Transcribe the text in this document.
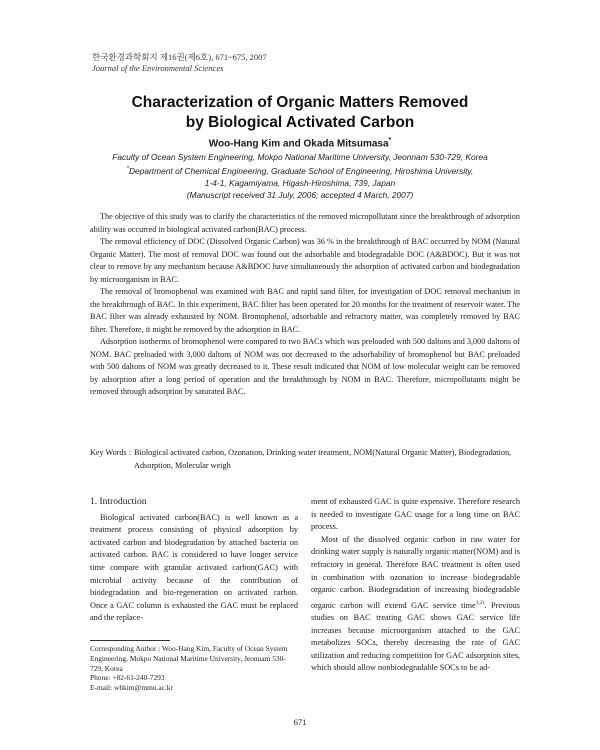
한국환경과학회지 제16권(제6호), 671~675, 2007
Journal of the Environmental Sciences
Characterization of Organic Matters Removed
by Biological Activated Carbon
Woo-Hang Kim and Okada Mitsumasa*
Faculty of Ocean System Engineering, Mokpo National Maritime University, Jeonnam 530-729, Korea
*Department of Chemical Engineering, Graduate School of Engineering, Hiroshima University,
1-4-1, Kagamiyama, Higash-Hiroshima, 739, Japan
(Manuscript received 31 July, 2006; accepted 4 March, 2007)

The objective of this study was to clarify the characteristics of the removed micropollutant since the breakthrough of adsorption ability was occurred in biological activated carbon(BAC) process.

The removal efficiency of DOC (Dissolved Organic Carbon) was 36 % in the breakthrough of BAC occurred by NOM (Natural Organic Matter). The most of removal DOC was found out the adsorbable and biodegradable DOC (A&BDOC). But it was not clear to remove by any mechanism because A&BDOC have simultaneously the adsorption of activated carbon and biodegradation by microorganism in BAC.

The removal of bromophenol was examined with BAC and rapid sand filter, for investigation of DOC removal mechanism in the breakthrough of BAC. In this experiment, BAC filter has been operated for 20 months for the treatment of reservoir water. The BAC filter was already exhausted by NOM. Bromophenol, adsorbable and refractory matter, was completely removed by BAC filter. Therefore, it might be removed by the adsorption in BAC.

Adsorption isotherms of bromophenol were compared to two BACs which was preloaded with 500 daltons and 3,000 daltons of NOM. BAC preloaded with 3,000 daltons of NOM was not decreased to the adsorbability of bromophenol but BAC preloaded with 500 daltons of NOM was greatly decreased to it. These result indicated that NOM of low molecular weight can be removed by adsorption after a long period of operation and the breakthrough by NOM in BAC. Therefore, micropollutants might be removed through adsorption by saturated BAC.

Key Words : Biological activated carbon, Ozonation, Drinking water treatment, NOM(Natural Organic Matter), Biodegradation, Adsorption, Molecular weigh
1. Introduction

Biological activated carbon(BAC) is well known as a treatment process consisting of physical adsorption by activated carbon and biodegradation by attached bacteria on activated carbon. BAC is considered to have longer service time compare with granular activated carbon(GAC) with microbial activity because of the contribution of biodegradation and bio-regeneration on activated carbon. Once a GAC column is exhausted the GAC must be replaced and the replace-

ment of exhausted GAC is quite expensive. Therefore research is needed to investigate GAC usage for a long time on BAC process.

Most of the dissolved organic carbon in raw water for drinking water supply is naturally organic matter(NOM) and is refractory in general. Therefore BAC treatment is often used in combination with ozonation to increase biodegradable organic carbon. Biodegradation of increasing biodegradable organic carbon will extend GAC service time$^{1,2)}$. Previous studies on BAC treating GAC shows GAC service life increases because microorganism attached to the GAC metabolizes SOCs, thereby decreasing the rate of GAC utilization and reducing competition for GAC adsorption sites, which should allow nonbiodegradable SOCs to be ad-

Corresponding Author : Woo-Hang Kim, Faculty of Ocean System Engineering, Mokpo National Maritime University, Jeonnam 530-729, Korea
Phone: +82-61-240-7293
E-mail: whkim@mmu.ac.kr
671
